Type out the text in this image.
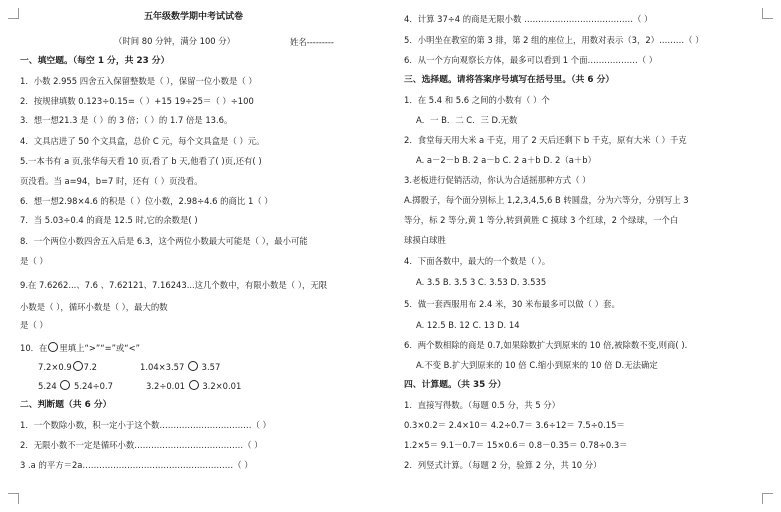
五年级数学期中考试试卷
（时间 80 分钟，满分 100 分）	姓名---------
一、填空题。（每空 1 分，共 23 分）
1．小数 2.955 四舍五入保留整数是（ ），保留一位小数是（ ）
2．按规律填数 0.123÷0.15=（ ）+15 19÷25＝（ ）÷100
3．想一想21.3 是（ ）的 3 倍；（ ）的 1.7 倍是 13.6。
4．文具店进了 50 个文具盒，总价 C 元，每个文具盒是（ ）元。
5.一本书有 a 页,张华每天看 10 页,看了 b 天,他看了( )页,还有( )
页没看。当 a=94，b=7 时，还有（ ）页没看。
6．想一想2.98×4.6 的积是（ ）位小数，2.98÷4.6 的商比 1（ ）
7．当 5.03÷0.4 的商是 12.5 时,它的余数是( )
8．一个两位小数四舍五入后是 6.3，这个两位小数最大可能是（ ），最小可能
是（ ）
9.在 7.6262...、7.6 、7.62121、7.16243...这几个数中，有限小数是（ ），无限
小数是（ ），循环小数是（ ），最大的数
是（ ）
10．在 里填上“>”“=”或“<”
7.2×0.9 7.2	1.04×3.57 3.57
5.24 5.24÷0.7	3.2÷0.01 3.2×0.01
二、判断题（共 6 分）
1．一个数除小数，积一定小于这个数……………………………（ ）
2．无限小数不一定是循环小数…………………………………（ ）
3 .a 的平方＝2a………………………………………………（ ）
4．计算 37÷4 的商是无限小数 …………………………………（ ）
5．小明坐在教室的第 3 排，第 2 组的座位上，用数对表示（3，2）………（ ）
6．从一个方向观察长方体，最多可以看到 1 个面………………（ ）
三、选择题。请将答案序号填写在括号里。（共 6 分）
1．在 5.4 和 5.6 之间的小数有（ ）个
A．一 B．二 C．三 D.无数
2．食堂每天用大米 a 千克，用了 2 天后还剩下 b 千克，原有大米（ ）千克
A. a－2－b B. 2 a－b C. 2 a＋b D. 2（a＋b）
3.老板进行促销活动，你认为合适摇那种方式（ ）
A.掷骰子，每个面分别标上 1,2,3,4,5,6 B 转圆盘，分为六等分，分别写上 3
等分，标 2 等分,黄 1 等分,转到黄胜 C 摸球 3 个红球，2 个绿球，一个白
球摸白球胜
4．下面各数中，最大的一个数是（ ）。
A. 3.5 B. 3.5 3 C. 3.53 D. 3.535
5．做一套西服用布 2.4 米，30 米布最多可以做（ ）套。
A. 12.5 B. 12 C. 13 D. 14
6．两个数相除的商是 0.7,如果除数扩大到原来的 10 倍,被除数不变,则商( ).
A.不变 B.扩大到原来的 10 倍 C.缩小到原来的 10 倍 D.无法确定
四、计算题。（共 35 分）
1．直接写得数。（每题 0.5 分，共 5 分）
0.3×0.2＝ 2.4×10＝ 4.2÷0.7＝ 3.6÷12＝ 7.5÷0.15＝
1.2×5＝ 9.1－0.7＝ 15×0.6＝ 0.8－0.35＝ 0.78÷0.3＝
2．列竖式计算。（每题 2 分，验算 2 分，共 10 分）
